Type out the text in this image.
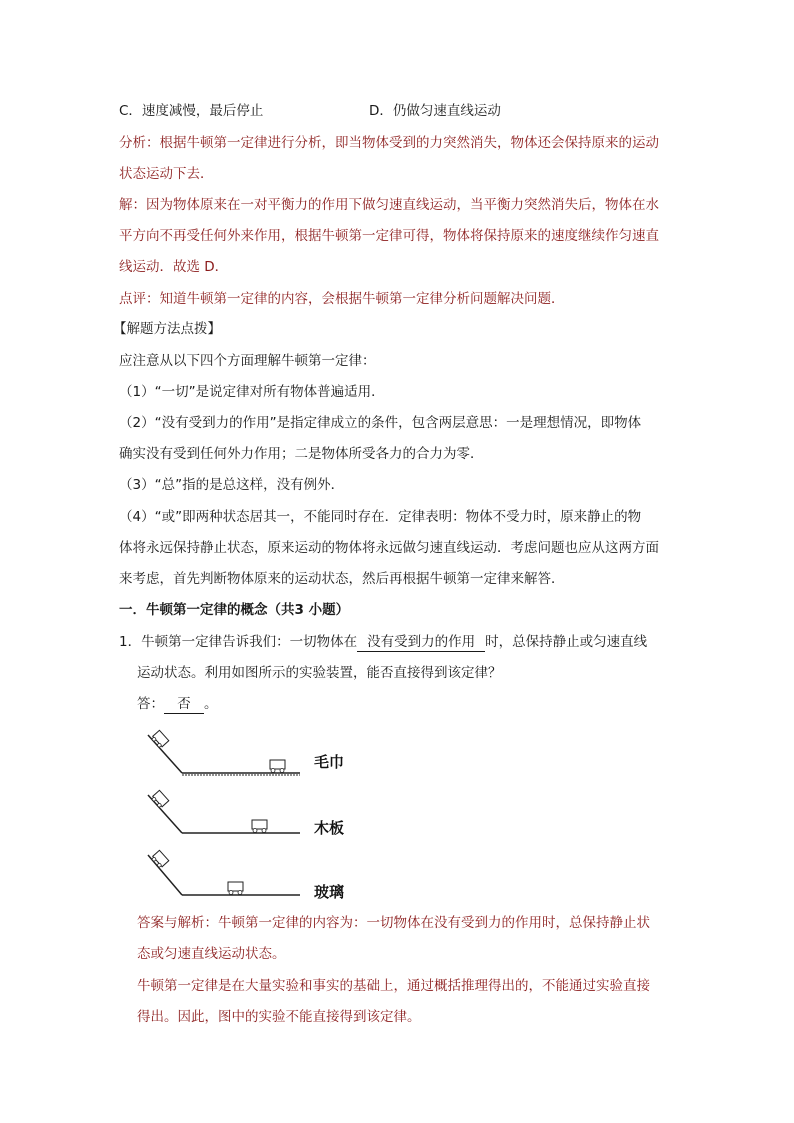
C．速度减慢，最后停止	D．仍做匀速直线运动
分析：根据牛顿第一定律进行分析，即当物体受到的力突然消失，物体还会保持原来的运动
状态运动下去．
解：因为物体原来在一对平衡力的作用下做匀速直线运动，当平衡力突然消失后，物体在水
平方向不再受任何外来作用，根据牛顿第一定律可得，物体将保持原来的速度继续作匀速直
线运动．故选 D．
点评：知道牛顿第一定律的内容，会根据牛顿第一定律分析问题解决问题．
【解题方法点拨】
应注意从以下四个方面理解牛顿第一定律：
（1）“一切”是说定律对所有物体普遍适用．
（2）“没有受到力的作用”是指定律成立的条件，包含两层意思：一是理想情况，即物体
确实没有受到任何外力作用；二是物体所受各力的合力为零．
（3）“总”指的是总这样，没有例外．
（4）“或”即两种状态居其一，不能同时存在．定律表明：物体不受力时，原来静止的物
体将永远保持静止状态，原来运动的物体将永远做匀速直线运动．考虑问题也应从这两方面
来考虑，首先判断物体原来的运动状态，然后再根据牛顿第一定律来解答．
一．牛顿第一定律的概念（共3 小题）
1．牛顿第一定律告诉我们：一切物体在 没有受到力的作用 时，总保持静止或匀速直线
运动状态。利用如图所示的实验装置，能否直接得到该定律？
答： 否 。
毛巾
木板
玻璃
答案与解析：牛顿第一定律的内容为：一切物体在没有受到力的作用时，总保持静止状
态或匀速直线运动状态。
牛顿第一定律是在大量实验和事实的基础上，通过概括推理得出的，不能通过实验直接
得出。因此，图中的实验不能直接得到该定律。
